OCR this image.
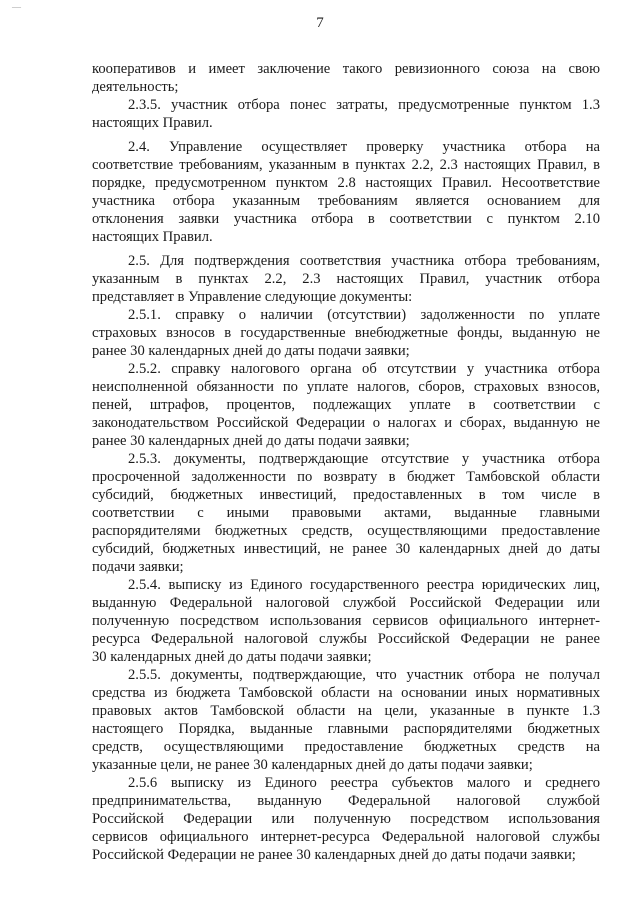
—
7
кооперативов и имеет заключение такого ревизионного союза на свою
деятельность;
2.3.5. участник отбора понес затраты, предусмотренные пунктом 1.3
настоящих Правил.
2.4. Управление осуществляет проверку участника отбора на
соответствие требованиям, указанным в пунктах 2.2, 2.3 настоящих Правил, в
порядке, предусмотренном пунктом 2.8 настоящих Правил. Несоответствие
участника отбора указанным требованиям является основанием для
отклонения заявки участника отбора в соответствии с пунктом 2.10
настоящих Правил.
2.5. Для подтверждения соответствия участника отбора требованиям,
указанным в пунктах 2.2, 2.3 настоящих Правил, участник отбора
представляет в Управление следующие документы:
2.5.1. справку о наличии (отсутствии) задолженности по уплате
страховых взносов в государственные внебюджетные фонды, выданную не
ранее 30 календарных дней до даты подачи заявки;
2.5.2. справку налогового органа об отсутствии у участника отбора
неисполненной обязанности по уплате налогов, сборов, страховых взносов,
пеней, штрафов, процентов, подлежащих уплате в соответствии с
законодательством Российской Федерации о налогах и сборах, выданную не
ранее 30 календарных дней до даты подачи заявки;
2.5.3. документы, подтверждающие отсутствие у участника отбора
просроченной задолженности по возврату в бюджет Тамбовской области
субсидий, бюджетных инвестиций, предоставленных в том числе в
соответствии с иными правовыми актами, выданные главными
распорядителями бюджетных средств, осуществляющими предоставление
субсидий, бюджетных инвестиций, не ранее 30 календарных дней до даты
подачи заявки;
2.5.4. выписку из Единого государственного реестра юридических лиц,
выданную Федеральной налоговой службой Российской Федерации или
полученную посредством использования сервисов официального интернет-
ресурса Федеральной налоговой службы Российской Федерации не ранее
30 календарных дней до даты подачи заявки;
2.5.5. документы, подтверждающие, что участник отбора не получал
средства из бюджета Тамбовской области на основании иных нормативных
правовых актов Тамбовской области на цели, указанные в пункте 1.3
настоящего Порядка, выданные главными распорядителями бюджетных
средств, осуществляющими предоставление бюджетных средств на
указанные цели, не ранее 30 календарных дней до даты подачи заявки;
2.5.6 выписку из Единого реестра субъектов малого и среднего
предпринимательства, выданную Федеральной налоговой службой
Российской Федерации или полученную посредством использования
сервисов официального интернет-ресурса Федеральной налоговой службы
Российской Федерации не ранее 30 календарных дней до даты подачи заявки;
